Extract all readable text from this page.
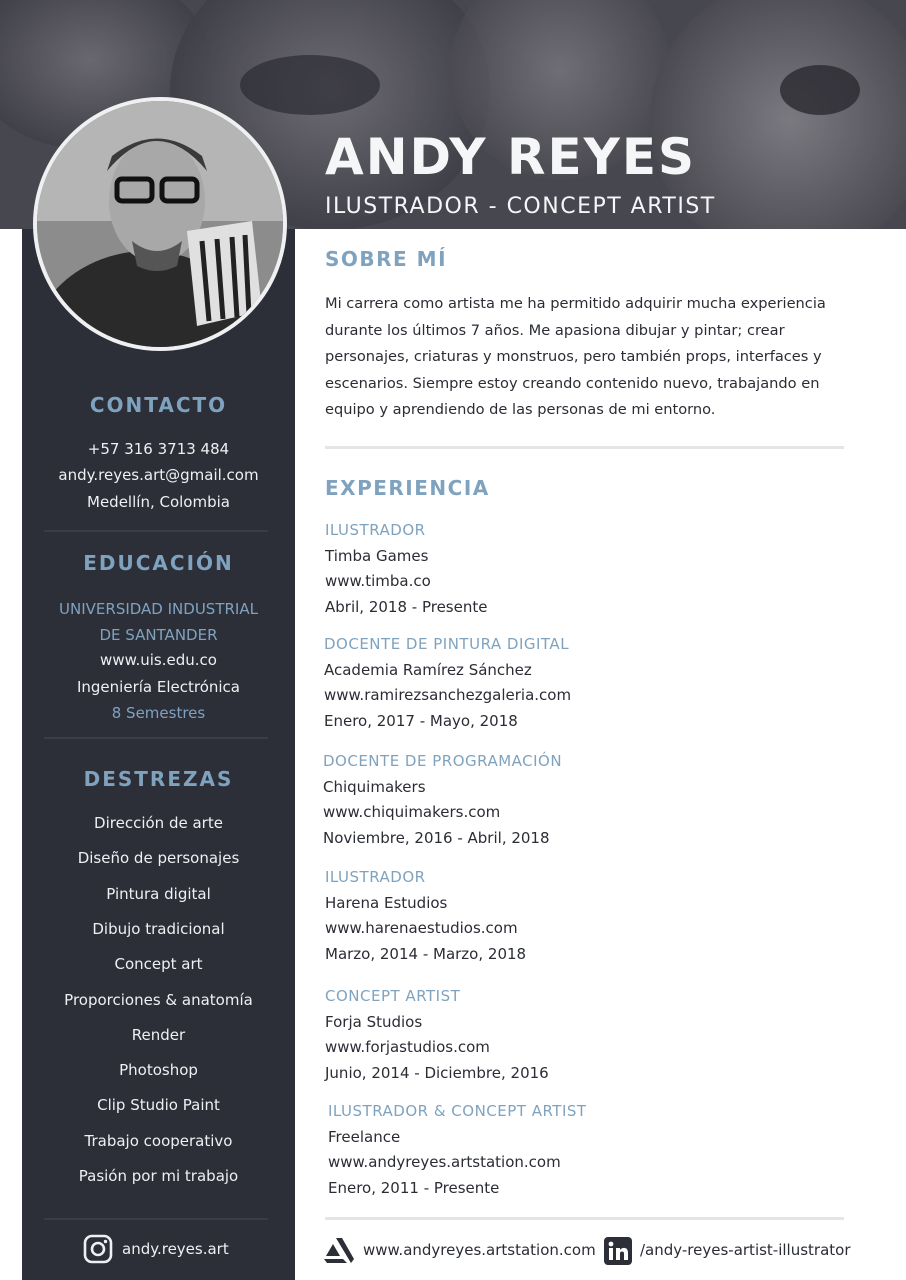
ANDY REYES
ILUSTRADOR - CONCEPT ARTIST
CONTACTO
+57 316 3713 484
andy.reyes.art@gmail.com
Medellín, Colombia
EDUCACIÓN
UNIVERSIDAD INDUSTRIAL
DE SANTANDER
www.uis.edu.co
Ingeniería Electrónica
8 Semestres
DESTREZAS
Dirección de arte
Diseño de personajes
Pintura digital
Dibujo tradicional
Concept art
Proporciones & anatomía
Render
Photoshop
Clip Studio Paint
Trabajo cooperativo
Pasión por mi trabajo
andy.reyes.art
SOBRE MÍ
Mi carrera como artista me ha permitido adquirir mucha experiencia durante los últimos 7 años. Me apasiona dibujar y pintar; crear personajes, criaturas y monstruos, pero también props, interfaces y escenarios. Siempre estoy creando contenido nuevo, trabajando en equipo y aprendiendo de las personas de mi entorno.
EXPERIENCIA
ILUSTRADOR
Timba Games
www.timba.co
Abril, 2018 - Presente
DOCENTE DE PINTURA DIGITAL
Academia Ramírez Sánchez
www.ramirezsanchezgaleria.com
Enero, 2017 - Mayo, 2018
DOCENTE DE PROGRAMACIÓN
Chiquimakers
www.chiquimakers.com
Noviembre, 2016 - Abril, 2018
ILUSTRADOR
Harena Estudios
www.harenaestudios.com
Marzo, 2014 - Marzo, 2018
CONCEPT ARTIST
Forja Studios
www.forjastudios.com
Junio, 2014 - Diciembre, 2016
ILUSTRADOR & CONCEPT ARTIST
Freelance
www.andyreyes.artstation.com
Enero, 2011 - Presente
www.andyreyes.artstation.com	/andy-reyes-artist-illustrator
